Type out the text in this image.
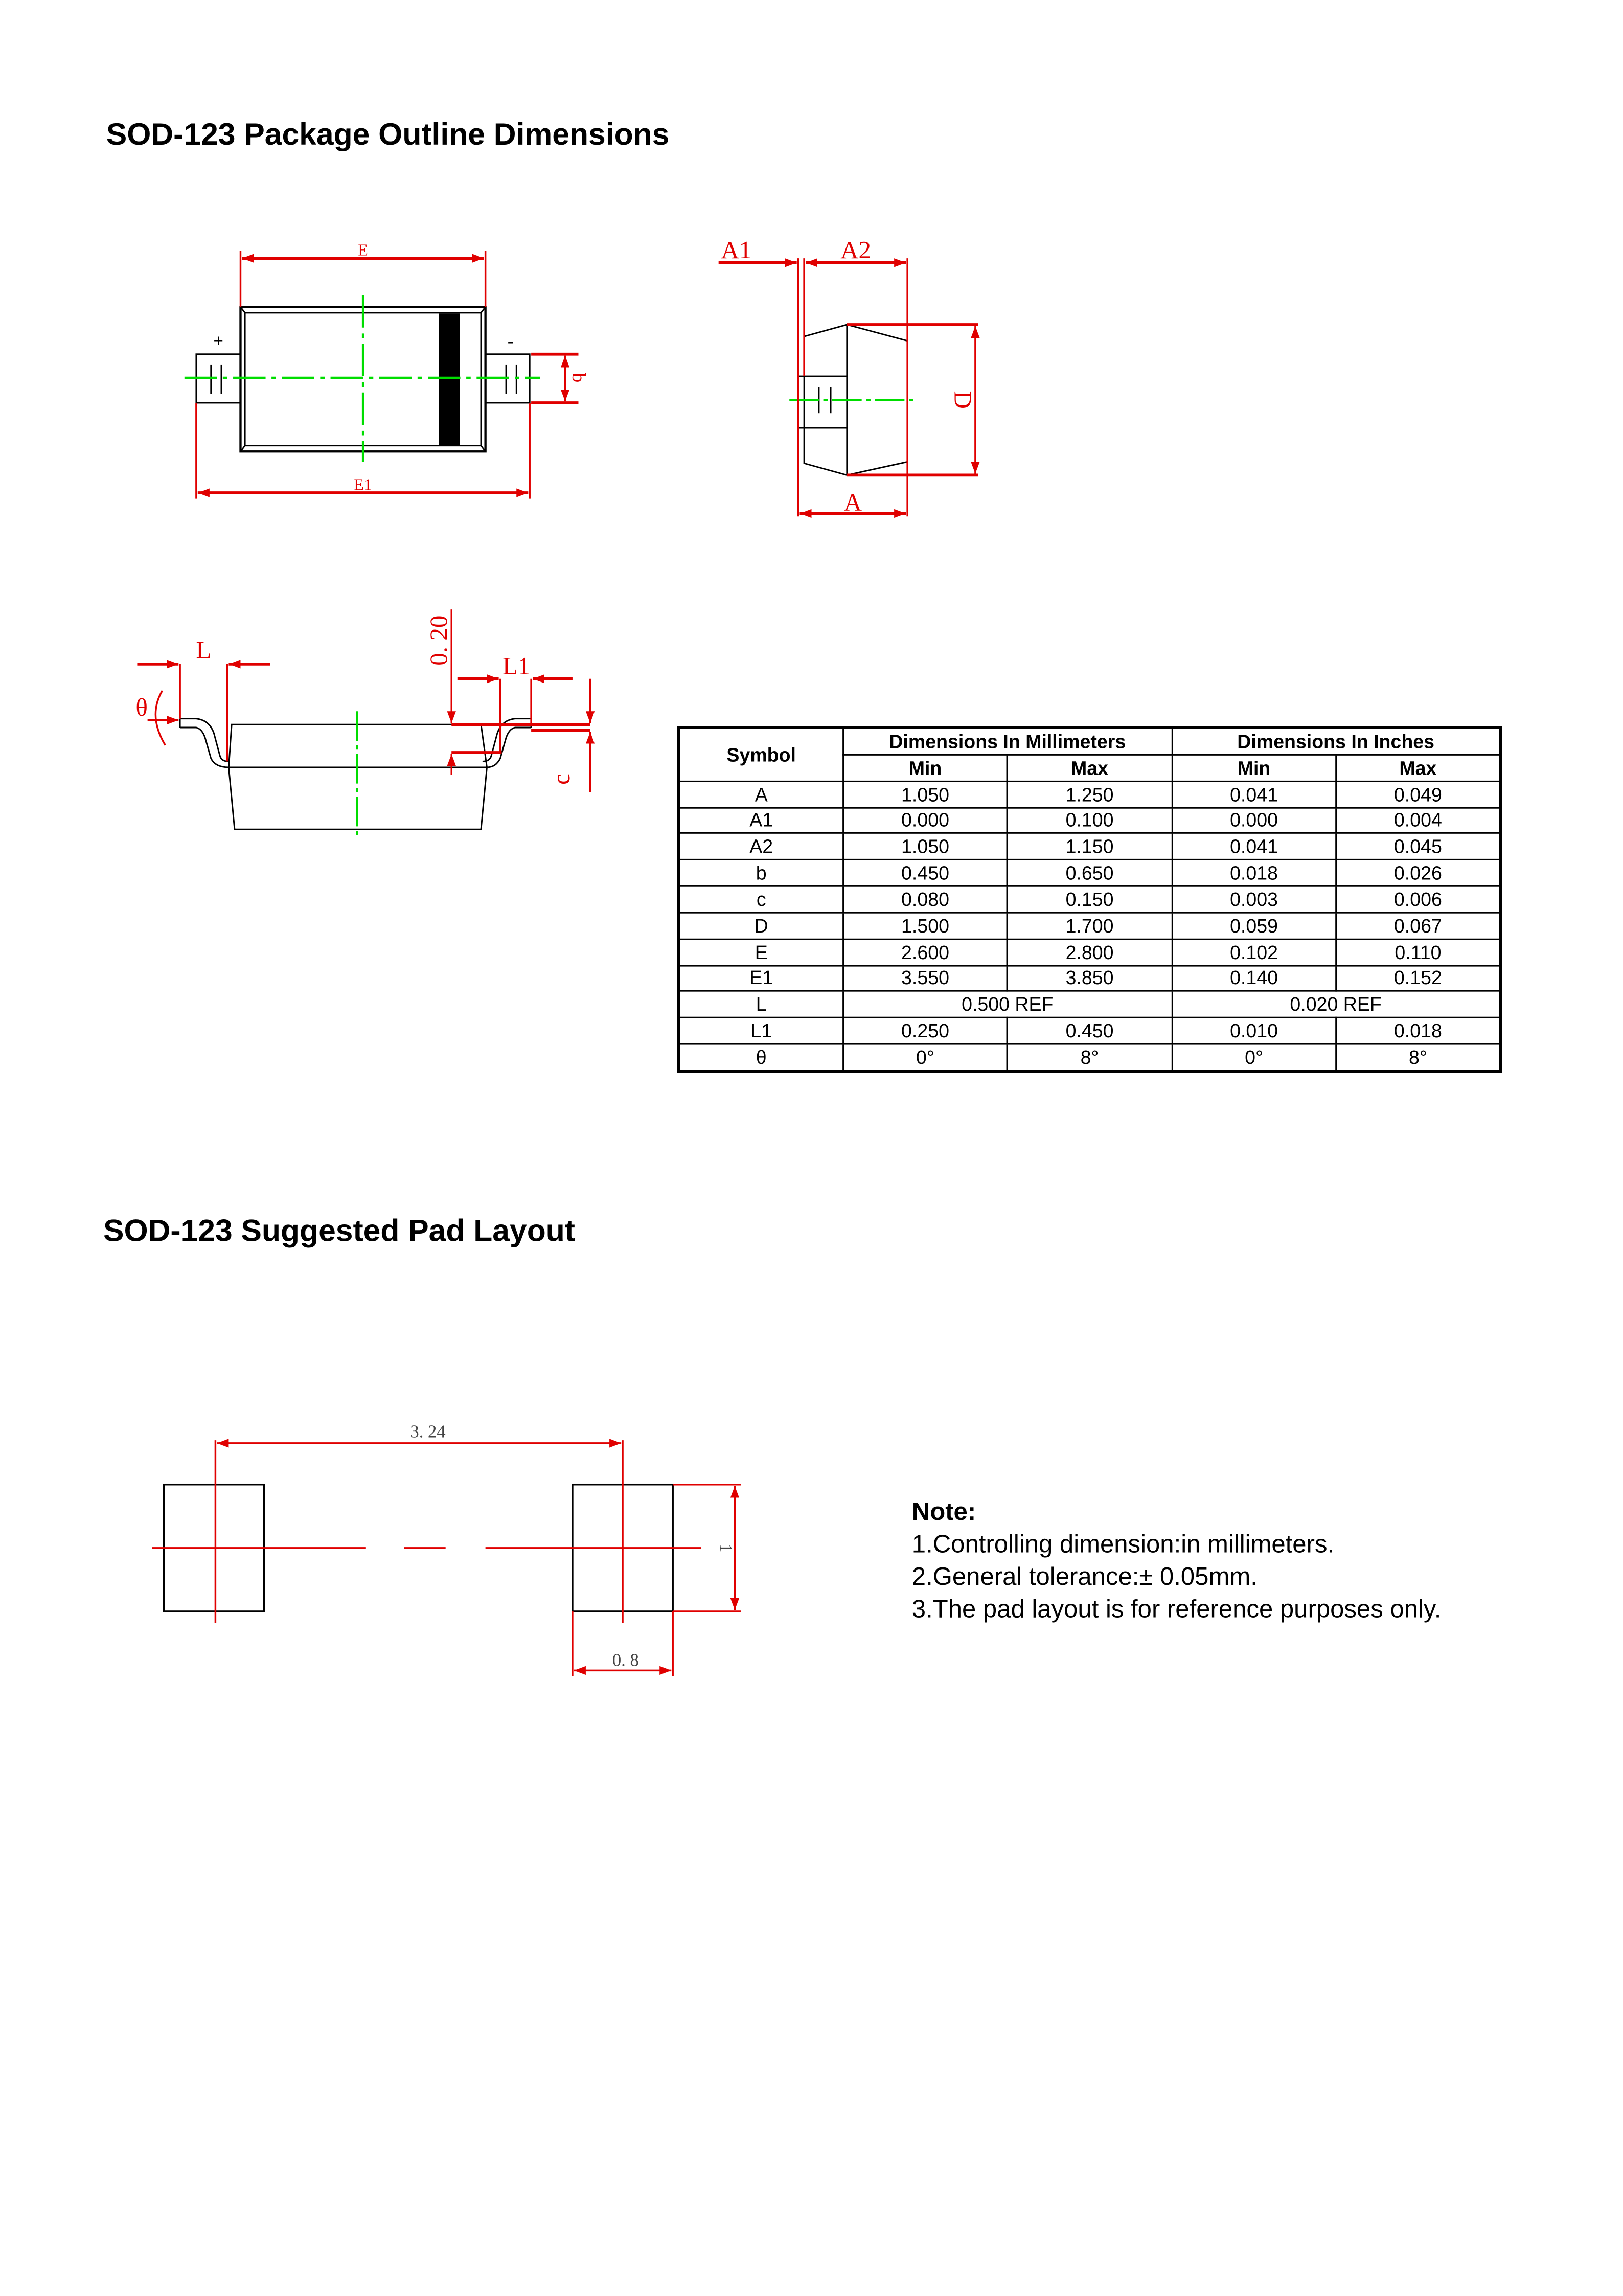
SOD-123 Package Outline Dimensions
SOD-123 Suggested Pad Layout
+	-
E
E1
b
A1	A2
A
D
L
L1
θ
0. 20
c
3. 24
1
0. 8
Symbol	Dimensions In Millimeters		Dimensions In Inches	
	Min	Max	Min	Max
A	1.050	1.250	0.041	0.049
A1	0.000	0.100	0.000	0.004
A2	1.050	1.150	0.041	0.045
b	0.450	0.650	0.018	0.026
c	0.080	0.150	0.003	0.006
D	1.500	1.700	0.059	0.067
E	2.600	2.800	0.102	0.110
E1	3.550	3.850	0.140	0.152
L	0.500 REF		0.020 REF	
L1	0.250	0.450	0.010	0.018
θ	0°	8°	0°	8°
Note:
1.Controlling dimension:in millimeters.
2.General tolerance:± 0.05mm.
3.The pad layout is for reference purposes only.
